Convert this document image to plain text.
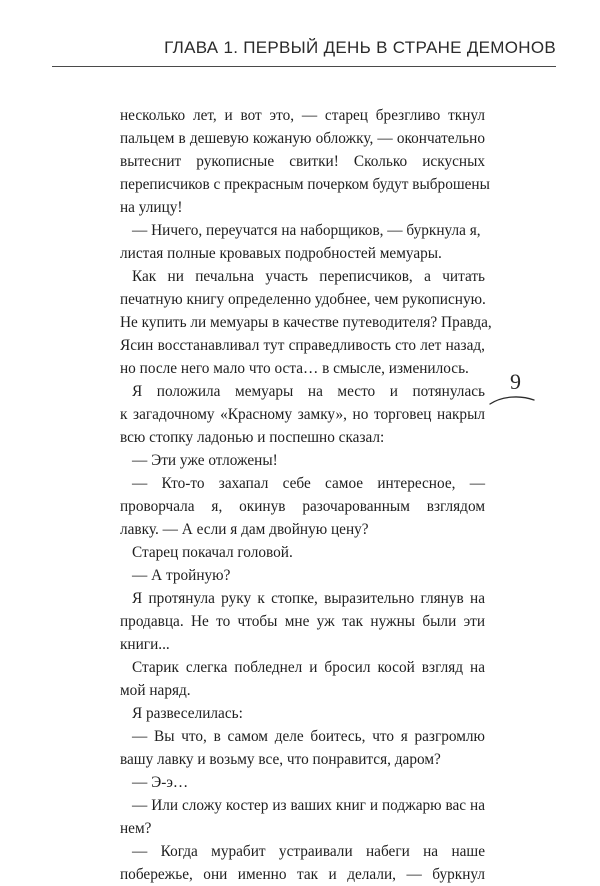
ГЛАВА 1. ПЕРВЫЙ ДЕНЬ В СТРАНЕ ДЕМОНОВ
несколько лет, и вот это, — старец брезгливо ткнул
пальцем в дешевую кожаную обложку, — окончательно
вытеснит рукописные свитки! Сколько искусных
переписчиков с прекрасным почерком будут выброшены
на улицу!
— Ничего, переучатся на наборщиков, — буркнула я,
листая полные кровавых подробностей мемуары.
Как ни печальна участь переписчиков, а читать
печатную книгу определенно удобнее, чем рукописную.
Не купить ли мемуары в качестве путеводителя? Правда,
Ясин восстанавливал тут справедливость сто лет назад,
но после него мало что оста… в смысле, изменилось.
Я положила мемуары на место и потянулась
к загадочному «Красному замку», но торговец накрыл
всю стопку ладонью и поспешно сказал:
— Эти уже отложены!
— Кто-то захапал себе самое интересное, —
проворчала я, окинув разочарованным взглядом
лавку. — А если я дам двойную цену?
Старец покачал головой.
— А тройную?
Я протянула руку к стопке, выразительно глянув на
продавца. Не то чтобы мне уж так нужны были эти
книги...
Старик слегка побледнел и бросил косой взгляд на
мой наряд.
Я развеселилась:
— Вы что, в самом деле боитесь, что я разгромлю
вашу лавку и возьму все, что понравится, даром?
— Э-э…
— Или сложу костер из ваших книг и поджарю вас на
нем?
— Когда мурабит устраивали набеги на наше
побережье, они именно так и делали, — буркнул
9
